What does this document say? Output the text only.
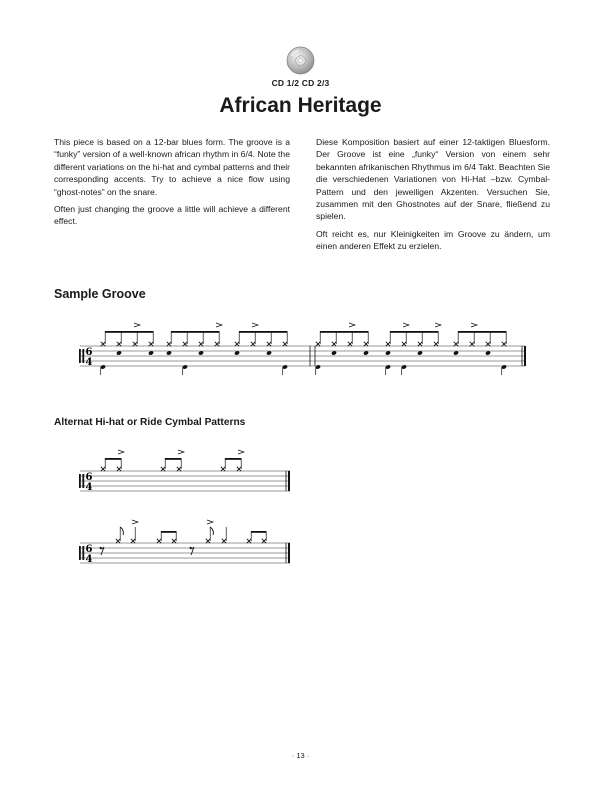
CD 1/2 CD 2/3
African Heritage

This piece is based on a 12-bar blues form. The groove is a “funky” version of a well-known african rhythm in 6/4. Note the different variations on the hi-hat and cymbal patterns and their corresponding accents. Try to achieve a nice flow using “ghost-notes” on the snare.

Often just changing the groove a little will achieve a different effect.

Diese Komposition basiert auf einer 12-taktigen Bluesform. Der Groove ist eine „funky“ Version von einem sehr bekannten afrikanischen Rhythmus im 6/4 Takt. Beachten Sie die verschiedenen Variationen von Hi-Hat –bzw. Cymbal-Pattern und den jeweiligen Akzenten. Versuchen Sie, zusammen mit den Ghostnotes auf der Snare, fließend zu spielen.

Oft reicht es, nur Kleinigkeiten im Groove zu ändern, um einen anderen Effekt zu erzielen.

Sample Groove
6
4
Alternat Hi-hat or Ride Cymbal Patterns
6
4
6
4
· 13 ·
